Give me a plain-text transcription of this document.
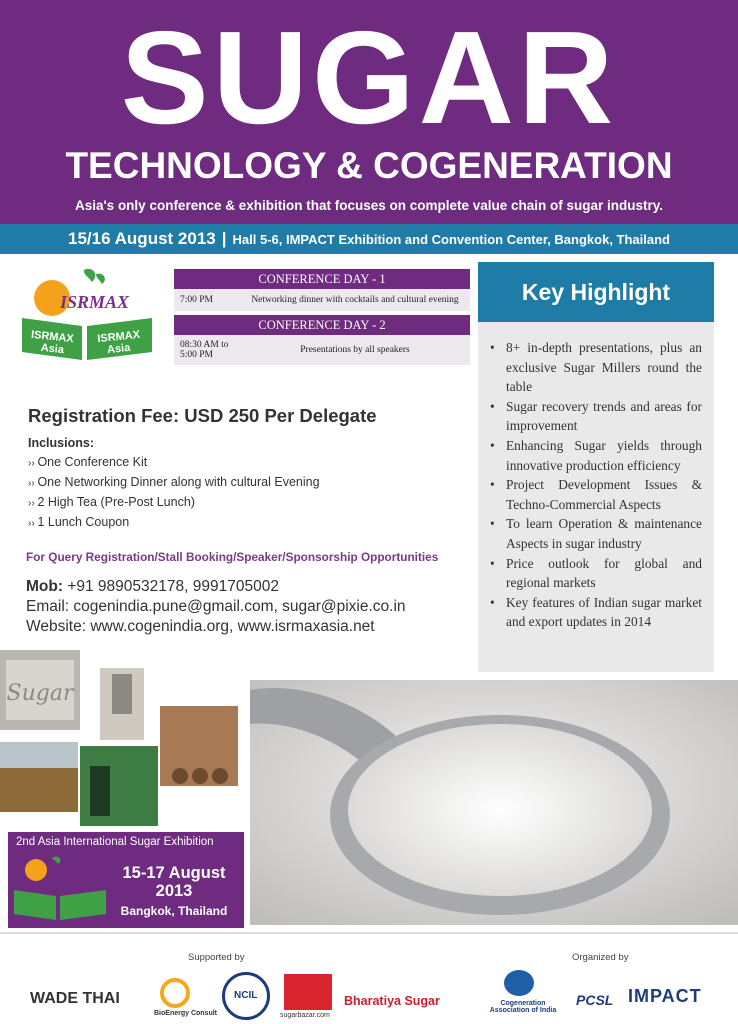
SUGAR
TECHNOLOGY & COGENERATION
Asia's only conference & exhibition that focuses on complete value chain of sugar industry.
15/16 August 2013 | Hall 5-6, IMPACT Exhibition and Convention Center, Bangkok, Thailand
ISRMAX
ISRMAX
Asia
ISRMAX
Asia
CONFERENCE DAY - 1
7:00 PM	Networking dinner with cocktails and cultural evening
CONFERENCE DAY - 2
08:30 AM to 5:00 PM	Presentations by all speakers
Key Highlight
• 8+ in-depth presentations, plus an exclusive Sugar Millers round the table
• Sugar recovery trends and areas for improvement
• Enhancing Sugar yields through innovative production efficiency
• Project Development Issues & Techno-Commercial Aspects
• To learn Operation & maintenance Aspects in sugar industry
• Price outlook for global and regional markets
• Key features of Indian sugar market and export updates in 2014
Registration Fee: USD 250 Per Delegate
Inclusions:
›› One Conference Kit
›› One Networking Dinner along with cultural Evening
›› 2 High Tea (Pre-Post Lunch)
›› 1 Lunch Coupon
For Query Registration/Stall Booking/Speaker/Sponsorship Opportunities
Mob: +91 9890532178, 9991705002
Email: cogenindia.pune@gmail.com, sugar@pixie.co.in
Website: www.cogenindia.org, www.isrmaxasia.net
Sugar
2nd Asia International Sugar Exhibition
15-17 August 2013
Bangkok, Thailand
Supported by	Organized by
WADE THAI
BioEnergy Consult
NCIL
sugarbazar.com
Bharatiya Sugar	Cogeneration Association of India
PCSL IMPACT
